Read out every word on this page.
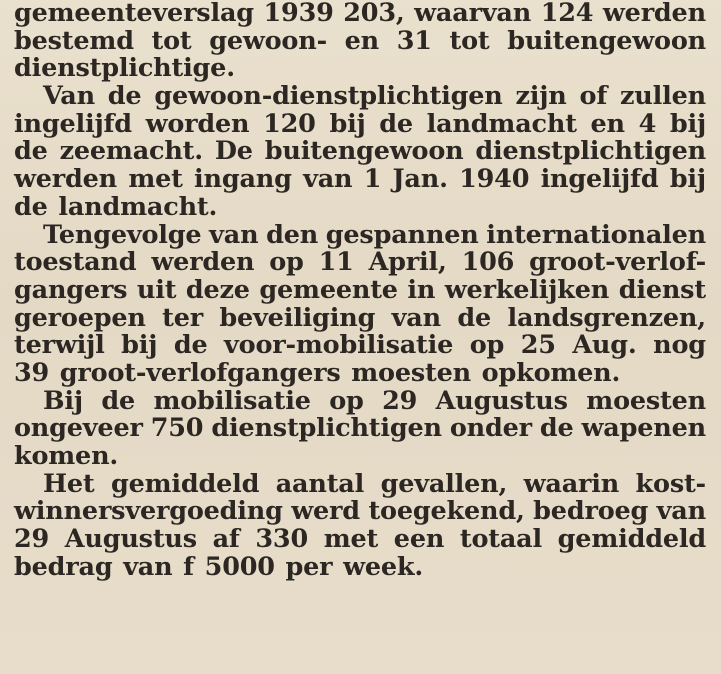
gemeenteverslag 1939 203, waarvan 124 werden
bestemd tot gewoon- en 31 tot buitengewoon
dienstplichtige.
Van de gewoon-dienstplichtigen zijn of zullen
ingelijfd worden 120 bij de landmacht en 4 bij
de zeemacht. De buitengewoon dienstplichtigen
werden met ingang van 1 Jan. 1940 ingelijfd bij
de landmacht.
Tengevolge van den gespannen internationalen
toestand werden op 11 April, 106 groot-verlof-
gangers uit deze gemeente in werkelijken dienst
geroepen ter beveiliging van de landsgrenzen,
terwijl bij de voor-mobilisatie op 25 Aug. nog
39 groot-verlofgangers moesten opkomen.
Bij de mobilisatie op 29 Augustus moesten
ongeveer 750 dienstplichtigen onder de wapenen
komen.
Het gemiddeld aantal gevallen, waarin kost-
winnersvergoeding werd toegekend, bedroeg van
29 Augustus af 330 met een totaal gemiddeld
bedrag van f 5000 per week.
